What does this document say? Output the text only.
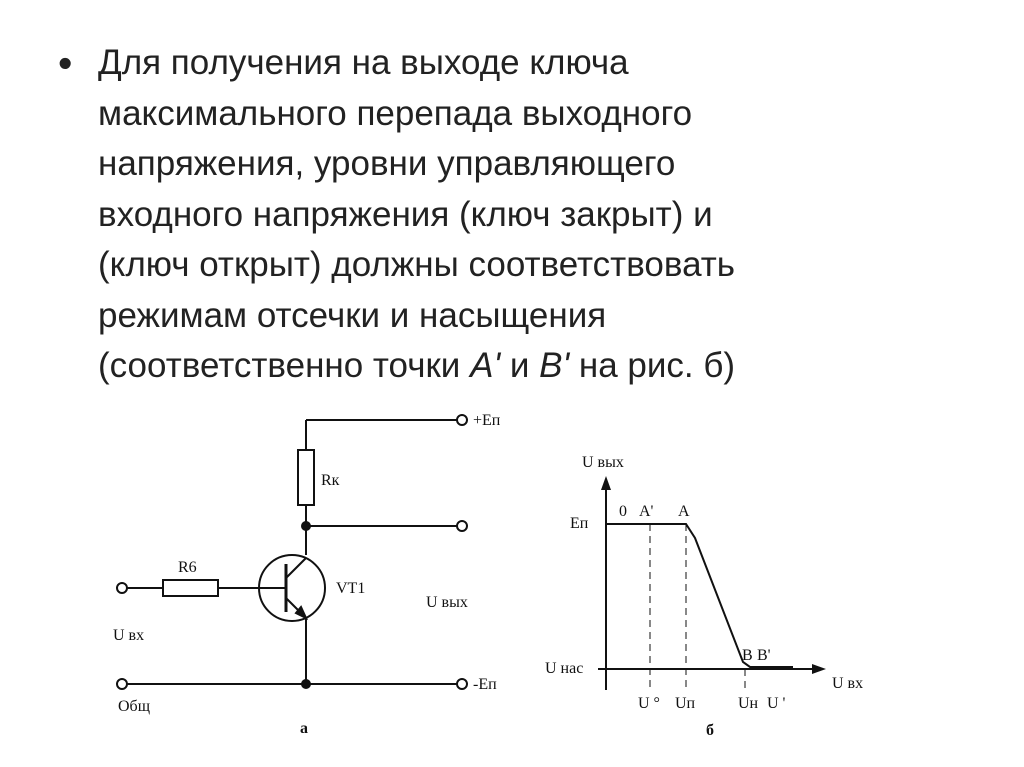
• Для получения на выходе ключа
максимального перепада выходного
напряжения, уровни управляющего
входного напряжения (ключ закрыт) и
(ключ открыт) должны соответствовать
режимам отсечки и насыщения
(соответственно точки A' и B' на рис. б)
+Еп
-Еп
Rк
R6
VT1
U вых
U вх
Общ
а
U вых
U вх
Еп
U нас
0 A' A
B B'
U ° Uп	Uн U '
б
